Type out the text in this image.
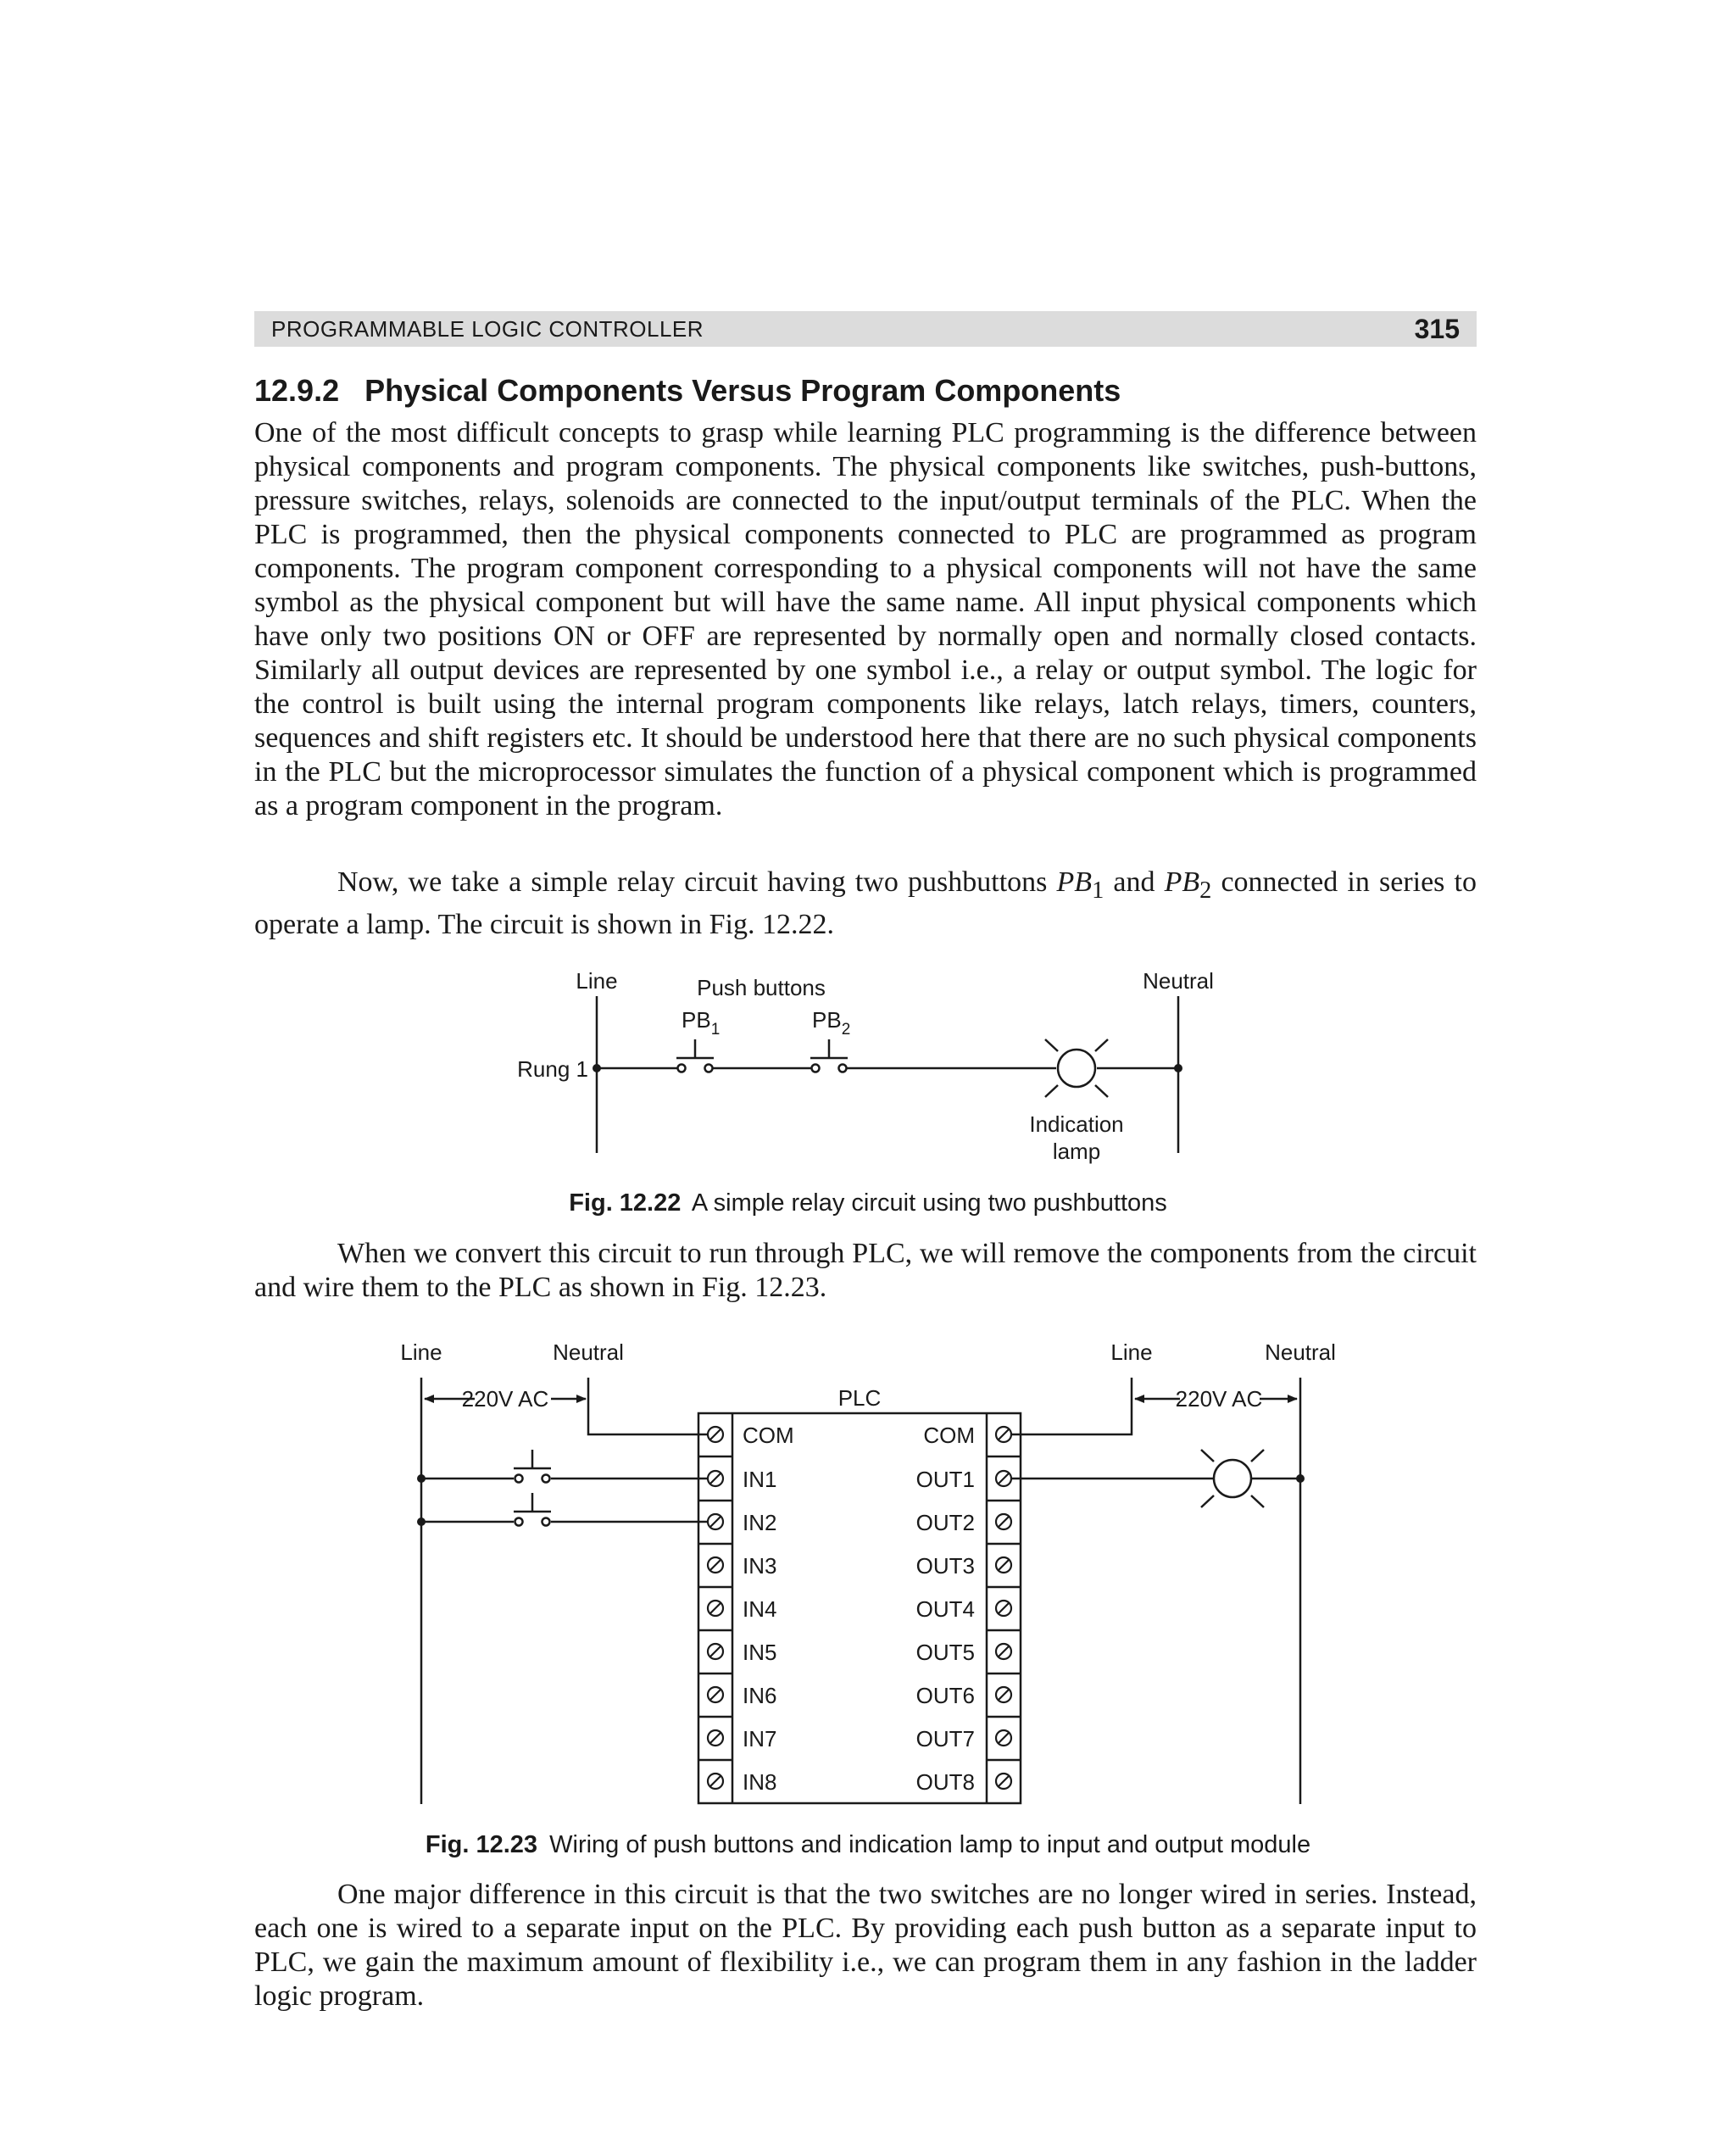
PROGRAMMABLE LOGIC CONTROLLER	315
12.9.2 Physical Components Versus Program Components

One of the most difficult concepts to grasp while learning PLC programming is the difference between physical components and program components. The physical components like switches, push-buttons, pressure switches, relays, solenoids are connected to the input/output terminals of the PLC. When the PLC is programmed, then the physical components connected to PLC are programmed as program components. The program component corresponding to a physical components will not have the same symbol as the physical component but will have the same name. All input physical components which have only two positions ON or OFF are represented by normally open and normally closed contacts. Similarly all output devices are represented by one symbol i.e., a relay or output symbol. The logic for the control is built using the internal program components like relays, latch relays, timers, counters, sequences and shift registers etc. It should be understood here that there are no such physical components in the PLC but the microprocessor simulates the function of a physical component which is programmed as a program component in the program.

Now, we take a simple relay circuit having two pushbuttons $PB_1$ and $PB_2$ connected in series to operate a lamp. The circuit is shown in Fig. 12.22.

Line	Neutral
Push buttons
$PB_1$	$PB_2$
Rung 1
Indication
lamp

Fig. 12.22 A simple relay circuit using two pushbuttons

When we convert this circuit to run through PLC, we will remove the components from the circuit and wire them to the PLC as shown in Fig. 12.23.

Line	Neutral	Line	Neutral
220V AC	220V AC
PLC
COM
IN1
IN2
IN3
IN4
IN5
IN6
IN7
IN8
COM
OUT1
OUT2
OUT3
OUT4
OUT5
OUT6
OUT7
OUT8

Fig. 12.23 Wiring of push buttons and indication lamp to input and output module

One major difference in this circuit is that the two switches are no longer wired in series. Instead, each one is wired to a separate input on the PLC. By providing each push button as a separate input to PLC, we gain the maximum amount of flexibility i.e., we can program them in any fashion in the ladder logic program.
